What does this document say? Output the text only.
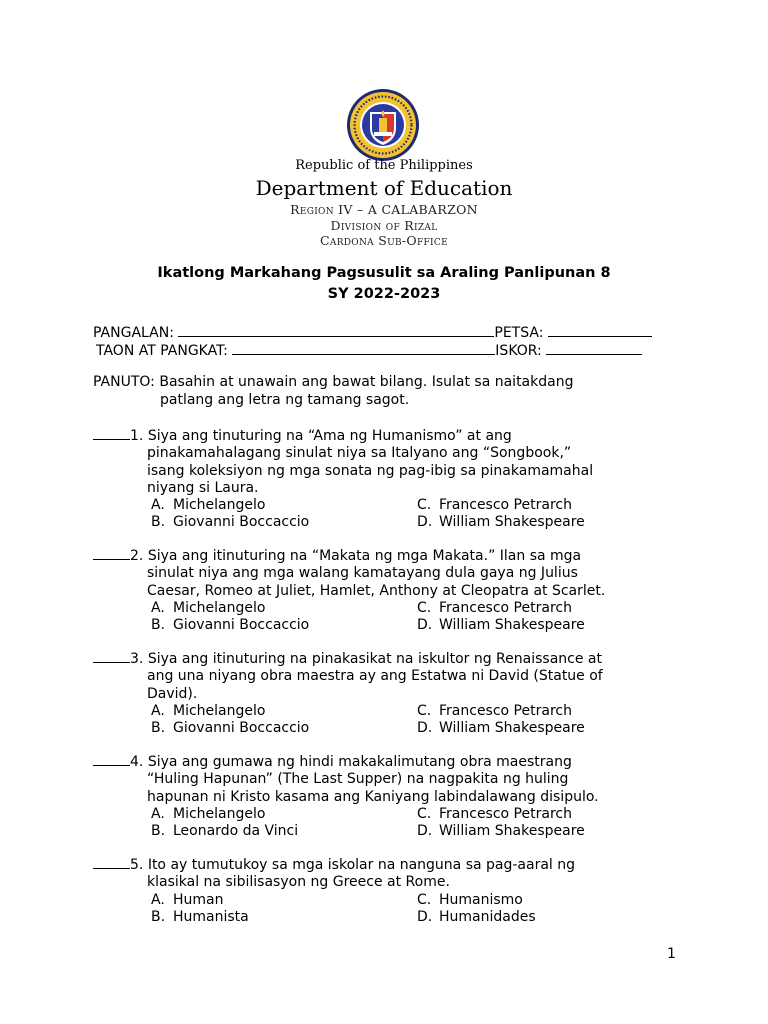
Republic of the Philippines
Department of Education
Region IV – A CALABARZON
Division of Rizal
Cardona Sub-Office
Ikatlong Markahang Pagsusulit sa Araling Panlipunan 8
SY 2022-2023
PANGALAN:	PETSA:
TAON AT PANGKAT:	ISKOR:
PANUTO: Basahin at unawain ang bawat bilang. Isulat sa naitakdang
patlang ang letra ng tamang sagot.
1. Siya ang tinuturing na “Ama ng Humanismo” at ang
pinakamahalagang sinulat niya sa Italyano ang “Songbook,”
isang koleksiyon ng mga sonata ng pag-ibig sa pinakamamahal
niyang si Laura.
A. Michelangelo	C. Francesco Petrarch
B. Giovanni Boccaccio	D. William Shakespeare
2. Siya ang itinuturing na “Makata ng mga Makata.” Ilan sa mga
sinulat niya ang mga walang kamatayang dula gaya ng Julius
Caesar, Romeo at Juliet, Hamlet, Anthony at Cleopatra at Scarlet.
A. Michelangelo	C. Francesco Petrarch
B. Giovanni Boccaccio	D. William Shakespeare
3. Siya ang itinuturing na pinakasikat na iskultor ng Renaissance at
ang una niyang obra maestra ay ang Estatwa ni David (Statue of
David).
A. Michelangelo	C. Francesco Petrarch
B. Giovanni Boccaccio	D. William Shakespeare
4. Siya ang gumawa ng hindi makakalimutang obra maestrang
“Huling Hapunan” (The Last Supper) na nagpakita ng huling
hapunan ni Kristo kasama ang Kaniyang labindalawang disipulo.
A. Michelangelo	C. Francesco Petrarch
B. Leonardo da Vinci	D. William Shakespeare
5. Ito ay tumutukoy sa mga iskolar na nanguna sa pag-aaral ng
klasikal na sibilisasyon ng Greece at Rome.
A. Human	C. Humanismo
B. Humanista	D. Humanidades
1
